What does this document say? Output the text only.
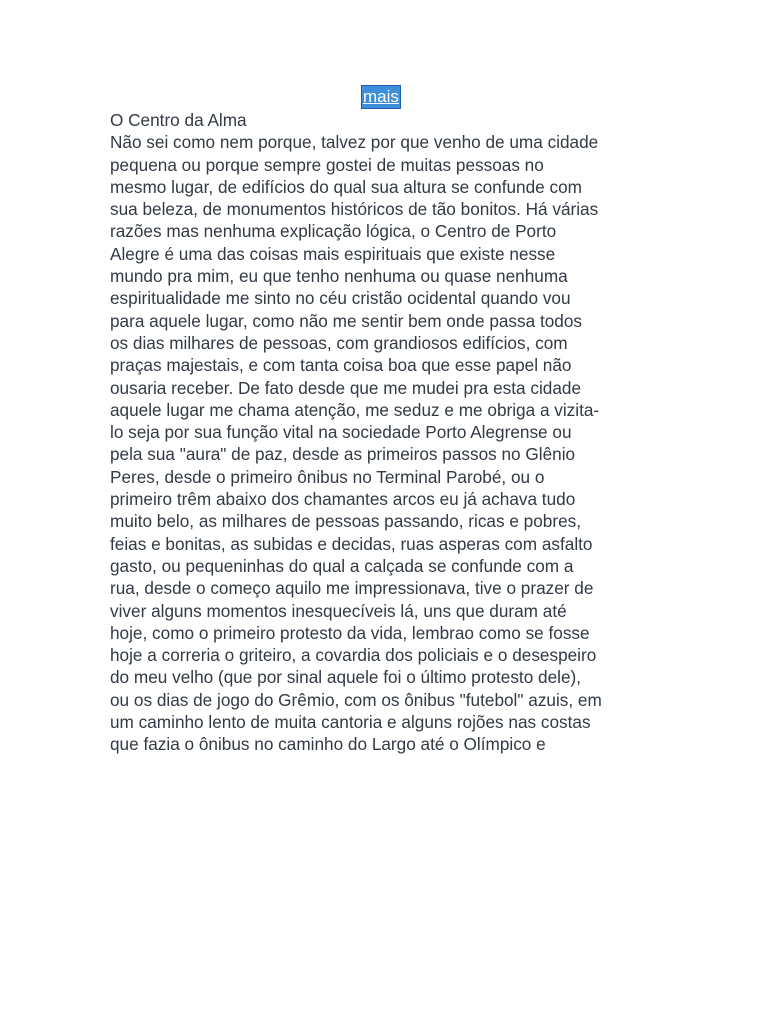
mais
O Centro da Alma
Não sei como nem porque, talvez por que venho de uma cidade
pequena ou porque sempre gostei de muitas pessoas no
mesmo lugar, de edifícios do qual sua altura se confunde com
sua beleza, de monumentos históricos de tão bonitos. Há várias
razões mas nenhuma explicação lógica, o Centro de Porto
Alegre é uma das coisas mais espirituais que existe nesse
mundo pra mim, eu que tenho nenhuma ou quase nenhuma
espiritualidade me sinto no céu cristão ocidental quando vou
para aquele lugar, como não me sentir bem onde passa todos
os dias milhares de pessoas, com grandiosos edifícios, com
praças majestais, e com tanta coisa boa que esse papel não
ousaria receber. De fato desde que me mudei pra esta cidade
aquele lugar me chama atenção, me seduz e me obriga a vizita-
lo seja por sua função vital na sociedade Porto Alegrense ou
pela sua "aura" de paz, desde as primeiros passos no Glênio
Peres, desde o primeiro ônibus no Terminal Parobé, ou o
primeiro trêm abaixo dos chamantes arcos eu já achava tudo
muito belo, as milhares de pessoas passando, ricas e pobres,
feias e bonitas, as subidas e decidas, ruas asperas com asfalto
gasto, ou pequeninhas do qual a calçada se confunde com a
rua, desde o começo aquilo me impressionava, tive o prazer de
viver alguns momentos inesquecíveis lá, uns que duram até
hoje, como o primeiro protesto da vida, lembrao como se fosse
hoje a correria o griteiro, a covardia dos policiais e o desespeiro
do meu velho (que por sinal aquele foi o último protesto dele),
ou os dias de jogo do Grêmio, com os ônibus "futebol" azuis, em
um caminho lento de muita cantoria e alguns rojões nas costas
que fazia o ônibus no caminho do Largo até o Olímpico e
